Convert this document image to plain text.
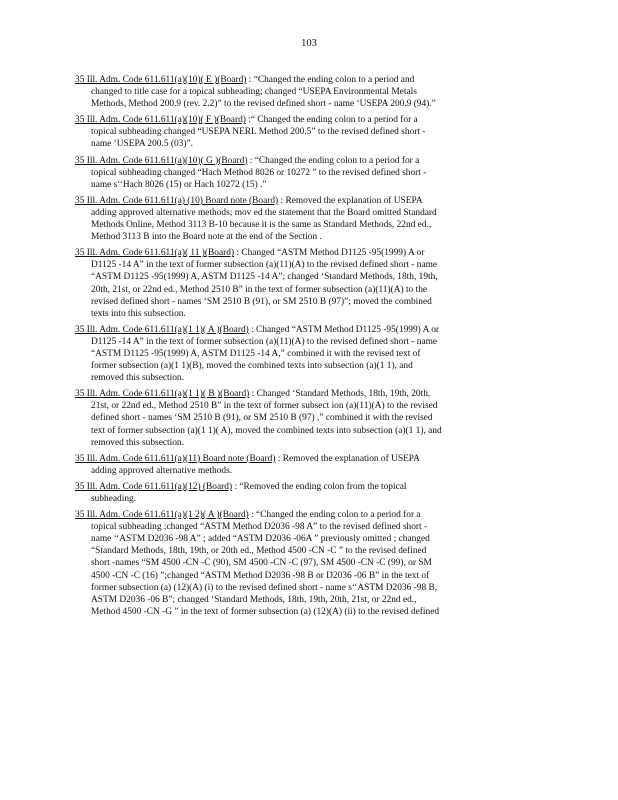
103
35 Ill. Adm. Code 611.611(a)(10)( E )(Board) : “Changed the ending colon to a period and
changed to title case for a topical subheading; changed “USEPA Environmental Metals
Methods, Method 200.9 (rev. 2.2)” to the revised defined short - name ‘USEPA 200.9 (94).”
35 Ill. Adm. Code 611.611(a)(10)( F )(Board) :“ Changed the ending colon to a period for a
topical subheading changed “USEPA NERL Method 200.5” to the revised defined short -
name ‘USEPA 200.5 (03)”.
35 Ill. Adm. Code 611.611(a)(10)( G )(Board) : “Changed the ending colon to a period for a
topical subheading changed “Hach Method 8026 or 10272 ” to the revised defined short -
name s‘‘Hach 8026 (15) or Hach 10272 (15) .”
35 Ill. Adm. Code 611.611(a) (10) Board note (Board) : Removed the explanation of USEPA
adding approved alternative methods; mov ed the statement that the Board omitted Standard
Methods Online, Method 3113 B-10 because it is the same as Standard Methods, 22nd ed.,
Method 3113 B into the Board note at the end of the Section .
35 Ill. Adm. Code 611.611(a)( 11 )(Board) : Changed “ASTM Method D1125 -95(1999) A or
D1125 -14 A” in the text of former subsection (a)(11)(A) to the revised defined short - name
“ASTM D1125 -95(1999) A, ASTM D1125 -14 A”; changed ‘Standard Methods, 18th, 19th,
20th, 21st, or 22nd ed., Method 2510 B” in the text of former subsection (a)(11)(A) to the
revised defined short - names ‘SM 2510 B (91), or SM 2510 B (97)”; moved the combined
texts into this subsection.
35 Ill. Adm. Code 611.611(a)(1 1)( A )(Board) : Changed “ASTM Method D1125 -95(1999) A or
D1125 -14 A” in the text of former subsection (a)(11)(A) to the revised defined short - name
“ASTM D1125 -95(1999) A, ASTM D1125 -14 A,” combined it with the revised text of
former subsection (a)(1 1)(B), moved the combined texts into subsection (a)(1 1), and
removed this subsection.
35 Ill. Adm. Code 611.611(a)(1 1)( B )(Board) : Changed ‘Standard Methods, 18th, 19th, 20th,
21st, or 22nd ed., Method 2510 B” in the text of former subsect ion (a)(11)(A) to the revised
defined short - names ‘SM 2510 B (91), or SM 2510 B (97) ,” combined it with the revised
text of former subsection (a)(1 1)( A), moved the combined texts into subsection (a)(1 1), and
removed this subsection.
35 Ill. Adm. Code 611.611(a)(11) Board note (Board) : Removed the explanation of USEPA
adding approved alternative methods.
35 Ill. Adm. Code 611.611(a)(12) (Board) : “Removed the ending colon from the topical
subheading.
35 Ill. Adm. Code 611.611(a)(1 2)( A )(Board) : “Changed the ending colon to a period for a
topical subheading ;changed “ASTM Method D2036 -98 A” to the revised defined short -
name ‘‘ASTM D2036 -98 A” ; added “ASTM D2036 -06A ” previously omitted ; changed
“Standard Methods, 18th, 19th, or 20th ed., Method 4500 -CN -C ” to the revised defined
short -names “SM 4500 -CN -C (90), SM 4500 -CN -C (97), SM 4500 -CN -C (99), or SM
4500 -CN -C (16) ”;changed “ASTM Method D2036 -98 B or D2036 -06 B” in the text of
former subsection (a) (12)(A) (i) to the revised defined short - name s‘‘ASTM D2036 -98 B,
ASTM D2036 -06 B”; changed ‘Standard Methods, 18th, 19th, 20th, 21st, or 22nd ed.,
Method 4500 -CN -G ” in the text of former subsection (a) (12)(A) (ii) to the revised defined
